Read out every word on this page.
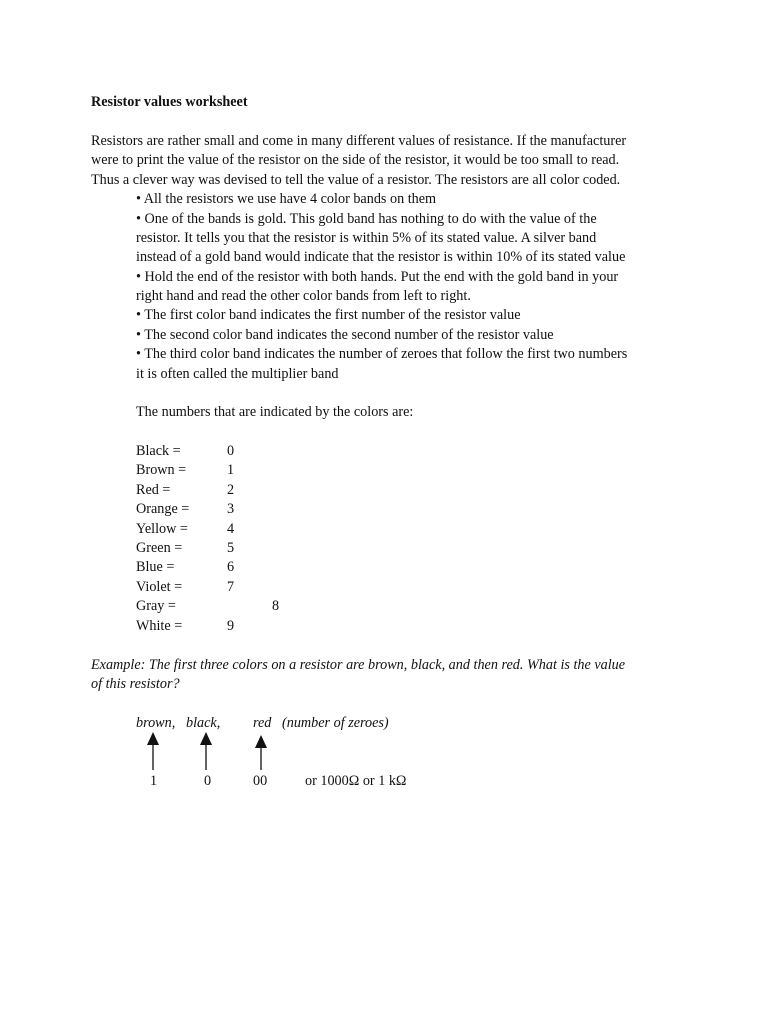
Resistor values worksheet
Resistors are rather small and come in many different values of resistance. If the manufacturer
were to print the value of the resistor on the side of the resistor, it would be too small to read.
Thus a clever way was devised to tell the value of a resistor. The resistors are all color coded.
• All the resistors we use have 4 color bands on them
• One of the bands is gold. This gold band has nothing to do with the value of the
resistor. It tells you that the resistor is within 5% of its stated value. A silver band
instead of a gold band would indicate that the resistor is within 10% of its stated value
• Hold the end of the resistor with both hands. Put the end with the gold band in your
right hand and read the other color bands from left to right.
• The first color band indicates the first number of the resistor value
• The second color band indicates the second number of the resistor value
• The third color band indicates the number of zeroes that follow the first two numbers
it is often called the multiplier band
The numbers that are indicated by the colors are:
Black =	0
Brown =	1
Red =	2
Orange =	3
Yellow =	4
Green =	5
Blue =	6
Violet =	7
Gray =	8
White =	9
Example: The first three colors on a resistor are brown, black, and then red. What is the value
of this resistor?
brown, black, red (number of zeroes)
1	0	00	or 1000Ω or 1 kΩ
